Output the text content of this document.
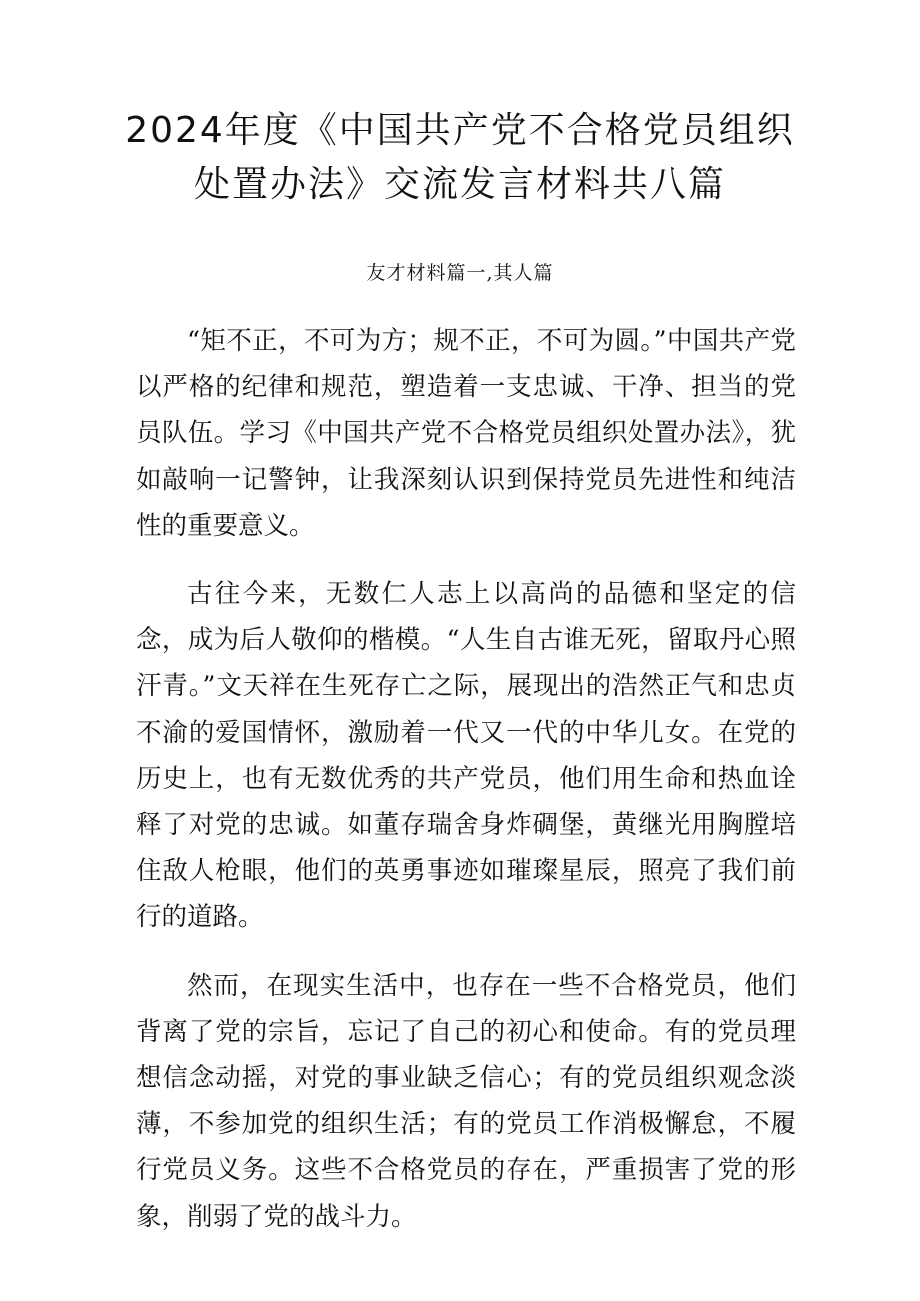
2024年度《中国共产党不合格党员组织处置办法》交流发言材料共八篇
友才材料篇一,其人篇

“矩不正，不可为方；规不正，不可为圆。”中国共产党以严格的纪律和规范，塑造着一支忠诚、干净、担当的党员队伍。学习《中国共产党不合格党员组织处置办法》，犹如敲响一记警钟，让我深刻认识到保持党员先进性和纯洁性的重要意义。

古往今来，无数仁人志上以高尚的品德和坚定的信念，成为后人敬仰的楷模。“人生自古谁无死，留取丹心照汗青。”文天祥在生死存亡之际，展现出的浩然正气和忠贞不渝的爱国情怀，激励着一代又一代的中华儿女。在党的历史上，也有无数优秀的共产党员，他们用生命和热血诠释了对党的忠诚。如董存瑞舍身炸碉堡，黄继光用胸膛培住敌人枪眼，他们的英勇事迹如璀璨星辰，照亮了我们前行的道路。

然而，在现实生活中，也存在一些不合格党员，他们背离了党的宗旨，忘记了自己的初心和使命。有的党员理想信念动摇，对党的事业缺乏信心；有的党员组织观念淡薄，不参加党的组织生活；有的党员工作消极懈怠，不履行党员义务。这些不合格党员的存在，严重损害了党的形象，削弱了党的战斗力。
